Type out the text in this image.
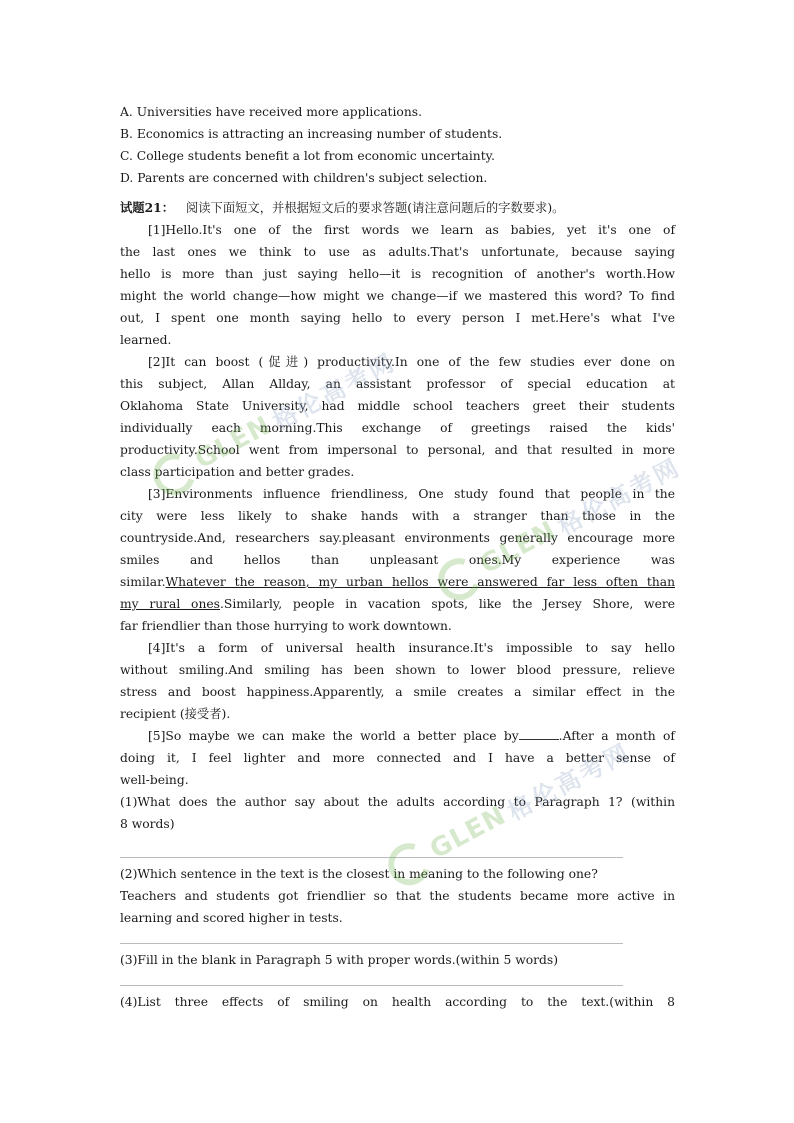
A. Universities have received more applications.
B. Economics is attracting an increasing number of students.
C. College students benefit a lot from economic uncertainty.
D. Parents are concerned with children's subject selection.
试题21： 阅读下面短文，并根据短文后的要求答题(请注意问题后的字数要求)。
[1]Hello.It's one of the first words we learn as babies, yet it's one of
the last ones we think to use as adults.That's unfortunate, because saying
hello is more than just saying hello—it is recognition of another's worth.How
might the world change—how might we change—if we mastered this word? To find
out, I spent one month saying hello to every person I met.Here's what I've
learned.
[2]It can boost (促进) productivity.In one of the few studies ever done on
this subject, Allan Allday, an assistant professor of special education at
Oklahoma State University, had middle school teachers greet their students
individually each morning.This exchange of greetings raised the kids'
productivity.School went from impersonal to personal, and that resulted in more
class participation and better grades.
[3]Environments influence friendliness, One study found that people in the
city were less likely to shake hands with a stranger than those in the
countryside.And, researchers say.pleasant environments generally encourage more
smiles and hellos than unpleasant ones.My experience was
similar.Whatever the reason, my urban hellos were answered far less often than
my rural ones.Similarly, people in vacation spots, like the Jersey Shore, were
far friendlier than those hurrying to work downtown.
[4]It's a form of universal health insurance.It's impossible to say hello
without smiling.And smiling has been shown to lower blood pressure, relieve
stress and boost happiness.Apparently, a smile creates a similar effect in the
recipient (接受者).
[5]So maybe we can make the world a better place by	.After a month of
doing it, I feel lighter and more connected and I have a better sense of
well-being.
(1)What does the author say about the adults according to Paragraph 1? (within
8 words)
(2)Which sentence in the text is the closest in meaning to the following one?
Teachers and students got friendlier so that the students became more active in
learning and scored higher in tests.
(3)Fill in the blank in Paragraph 5 with proper words.(within 5 words)
(4)List three effects of smiling on health according to the text.(within 8
GLEN 格伦高考网
GLEN 格伦高考网
GLEN 格伦高考网
